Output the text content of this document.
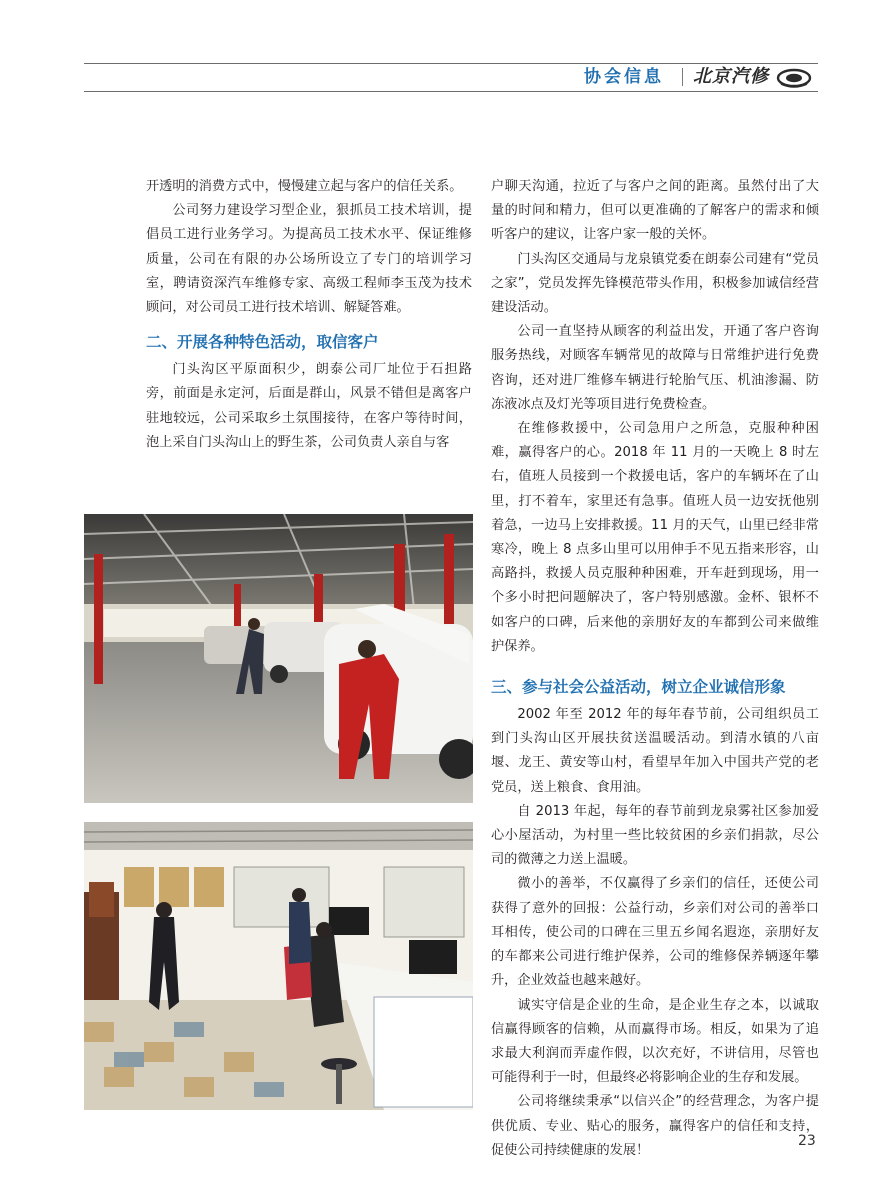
协会信息 北京汽修

开透明的消费方式中，慢慢建立起与客户的信任关系。

公司努力建设学习型企业，狠抓员工技术培训，提倡员工进行业务学习。为提高员工技术水平、保证维修质量，公司在有限的办公场所设立了专门的培训学习室，聘请资深汽车维修专家、高级工程师李玉茂为技术顾问，对公司员工进行技术培训、解疑答难。

二、开展各种特色活动，取信客户

门头沟区平原面积少，朗泰公司厂址位于石担路旁，前面是永定河，后面是群山，风景不错但是离客户驻地较远，公司采取乡土氛围接待，在客户等待时间，泡上采自门头沟山上的野生茶，公司负责人亲自与客

户聊天沟通，拉近了与客户之间的距离。虽然付出了大量的时间和精力，但可以更准确的了解客户的需求和倾听客户的建议，让客户家一般的关怀。

门头沟区交通局与龙泉镇党委在朗泰公司建有“党员之家”，党员发挥先锋模范带头作用，积极参加诚信经营建设活动。

公司一直坚持从顾客的利益出发，开通了客户咨询服务热线，对顾客车辆常见的故障与日常维护进行免费咨询，还对进厂维修车辆进行轮胎气压、机油渗漏、防冻液冰点及灯光等项目进行免费检查。

在维修救援中，公司急用户之所急，克服种种困难，赢得客户的心。2018 年 11 月的一天晚上 8 时左右，值班人员接到一个救援电话，客户的车辆坏在了山里，打不着车，家里还有急事。值班人员一边安抚他别着急，一边马上安排救援。11 月的天气，山里已经非常寒冷，晚上 8 点多山里可以用伸手不见五指来形容，山高路抖，救援人员克服种种困难，开车赶到现场，用一个多小时把问题解决了，客户特别感激。金杯、银杯不如客户的口碑，后来他的亲朋好友的车都到公司来做维护保养。

三、参与社会公益活动，树立企业诚信形象

2002 年至 2012 年的每年春节前，公司组织员工到门头沟山区开展扶贫送温暖活动。到清水镇的八亩堰、龙王、黄安等山村，看望早年加入中国共产党的老党员，送上粮食、食用油。

自 2013 年起，每年的春节前到龙泉雾社区参加爱心小屋活动，为村里一些比较贫困的乡亲们捐款，尽公司的微薄之力送上温暖。

微小的善举，不仅赢得了乡亲们的信任，还使公司获得了意外的回报：公益行动，乡亲们对公司的善举口耳相传，使公司的口碑在三里五乡闻名遐迩，亲朋好友的车都来公司进行维护保养，公司的维修保养辆逐年攀升，企业效益也越来越好。

诚实守信是企业的生命，是企业生存之本，以诚取信赢得顾客的信赖，从而赢得市场。相反，如果为了追求最大利润而弄虚作假，以次充好，不讲信用，尽管也可能得利于一时，但最终必将影响企业的生存和发展。

公司将继续秉承“以信兴企”的经营理念，为客户提供优质、专业、贴心的服务，赢得客户的信任和支持，促使公司持续健康的发展！

23
